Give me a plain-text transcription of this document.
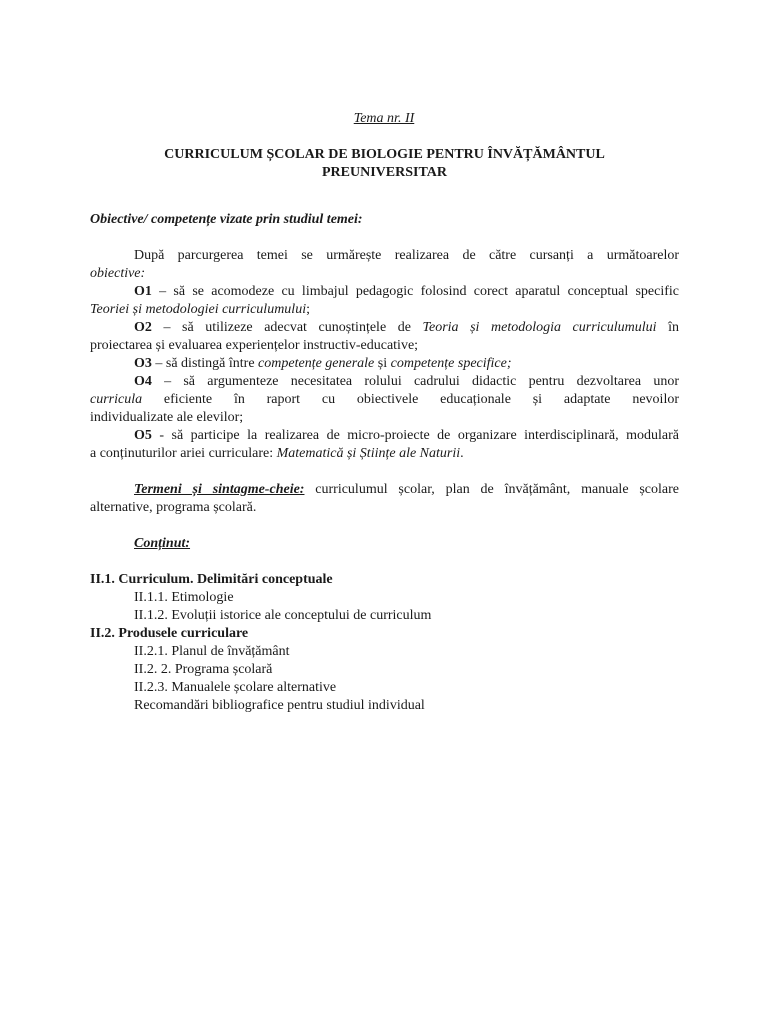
Tema nr. II
CURRICULUM ȘCOLAR DE BIOLOGIE PENTRU ÎNVĂȚĂMÂNTUL
PREUNIVERSITAR
Obiective/ competențe vizate prin studiul temei:
După parcurgerea temei se urmărește realizarea de către cursanți a următoarelor
obiective:
O1 – să se acomodeze cu limbajul pedagogic folosind corect aparatul conceptual specific
Teoriei și metodologiei curriculumului;
O2 – să utilizeze adecvat cunoștințele de Teoria și metodologia curriculumului în
proiectarea și evaluarea experiențelor instructiv-educative;
O3 – să distingă între competențe generale și competențe specifice;
O4 – să argumenteze necesitatea rolului cadrului didactic pentru dezvoltarea unor
curricula eficiente în raport cu obiectivele educaționale și adaptate nevoilor
individualizate ale elevilor;
O5 - să participe la realizarea de micro-proiecte de organizare interdisciplinară, modulară
a conținuturilor ariei curriculare: Matematică și Științe ale Naturii.
Termeni și sintagme-cheie: curriculumul școlar, plan de învățământ, manuale școlare
alternative, programa școlară.
Conținut:
II.1. Curriculum. Delimitări conceptuale
II.1.1. Etimologie
II.1.2. Evoluții istorice ale conceptului de curriculum
II.2. Produsele curriculare
II.2.1. Planul de învățământ
II.2. 2. Programa școlară
II.2.3. Manualele școlare alternative
Recomandări bibliografice pentru studiul individual
